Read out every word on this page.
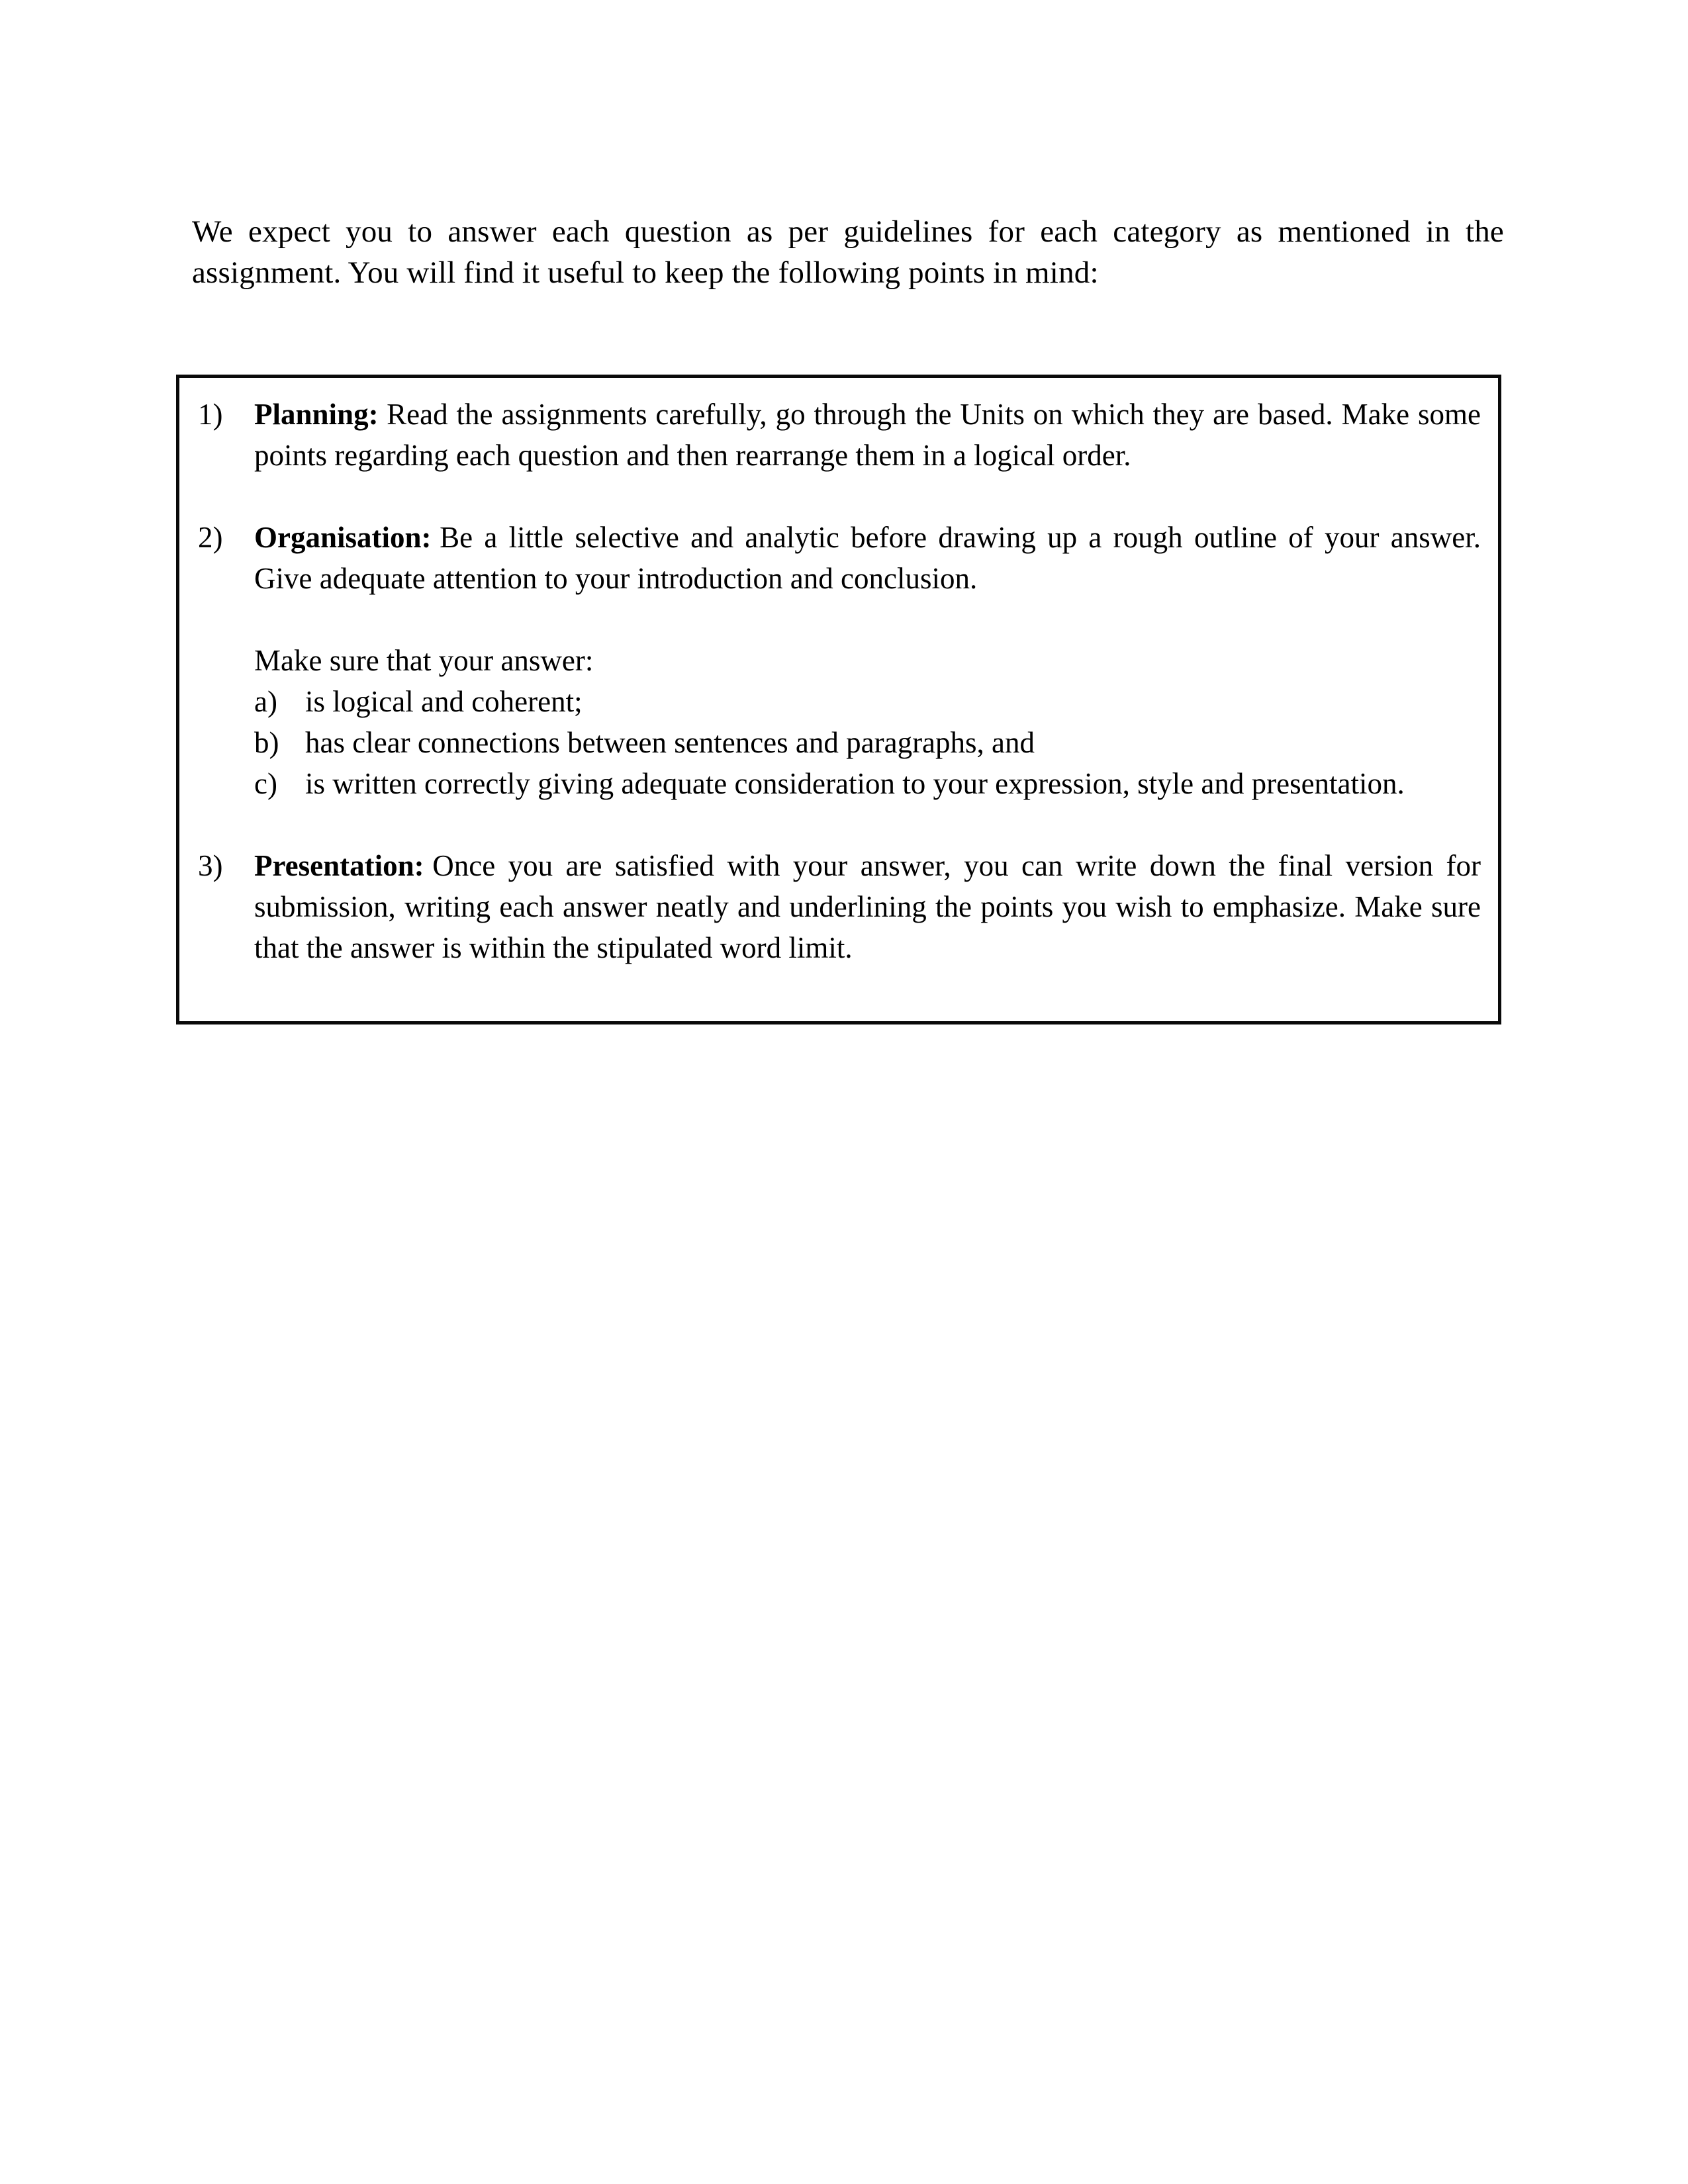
We expect you to answer each question as per guidelines for each category as mentioned in the assignment. You will find it useful to keep the following points in mind:

1)	Planning: Read the assignments carefully, go through the Units on which they are based. Make some points regarding each question and then rearrange them in a logical order.
2)	Organisation: Be a little selective and analytic before drawing up a rough outline of your answer. Give adequate attention to your introduction and conclusion.
Make sure that your answer:
a) is logical and coherent;
b) has clear connections between sentences and paragraphs, and
c) is written correctly giving adequate consideration to your expression, style and presentation.
3)	Presentation: Once you are satisfied with your answer, you can write down the final version for submission, writing each answer neatly and underlining the points you wish to emphasize. Make sure that the answer is within the stipulated word limit.
